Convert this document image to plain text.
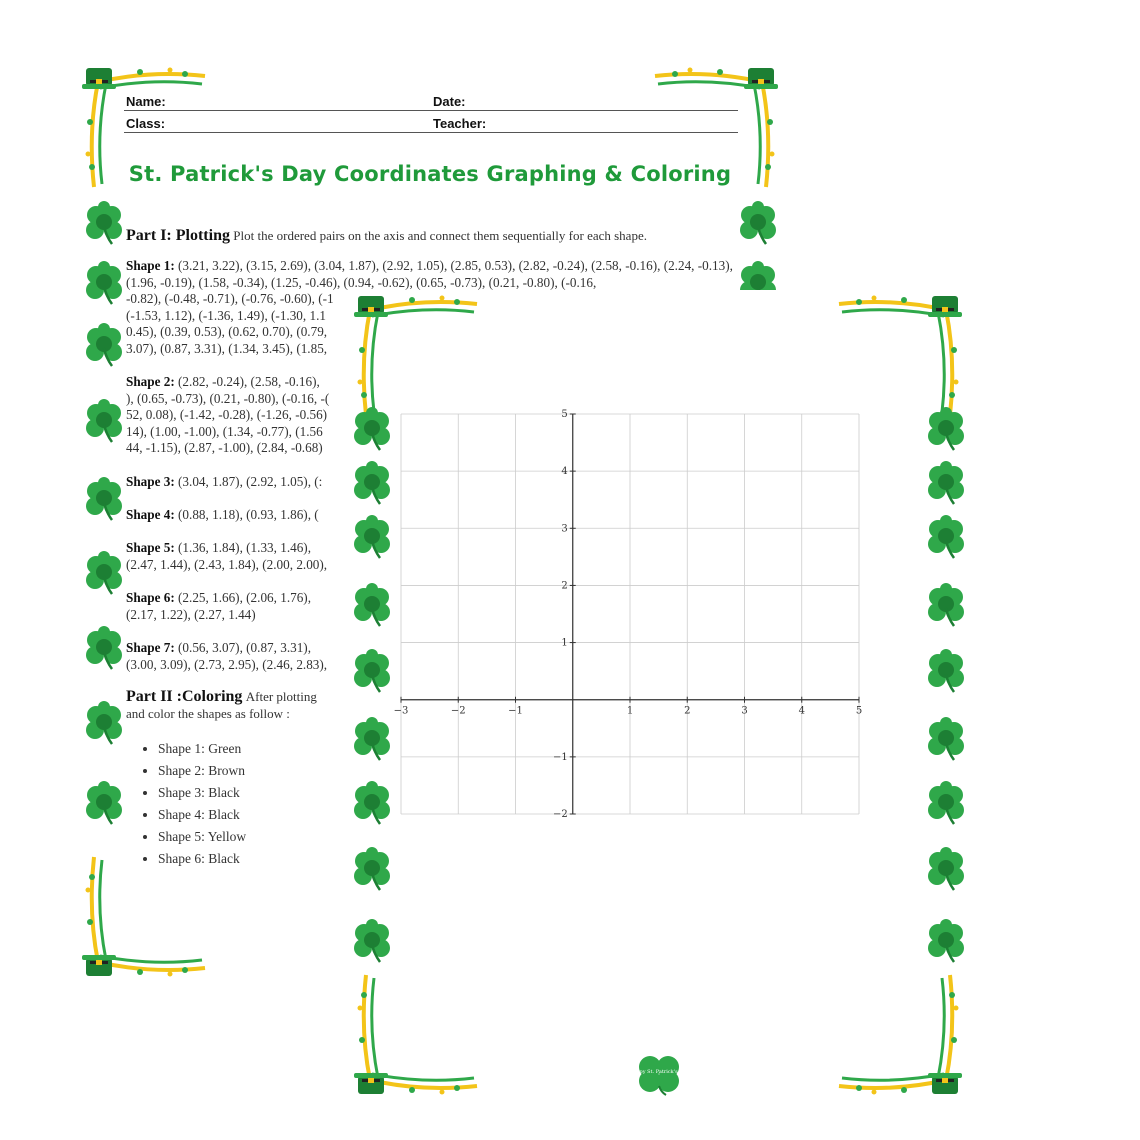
Name:	Date:
Class:	Teacher:
St. Patrick's Day Coordinates Graphing & Coloring
Part I: Plotting Plot the ordered pairs on the axis and connect them sequentially for each shape.
Shape 1: (3.21, 3.22), (3.15, 2.69), (3.04, 1.87), (2.92, 1.05), (2.85, 0.53), (2.82, -0.24), (2.58, -0.16), (2.24, -0.13), (1.96, -0.19), (1.58, -0.34), (1.25, -0.46), (0.94, -0.62), (0.65, -0.73), (0.21, -0.80), (-0.16,
-0.82), (-0.48, -0.71), (-0.76, -0.60), (-1
(-1.53, 1.12), (-1.36, 1.49), (-1.30, 1.1
0.45), (0.39, 0.53), (0.62, 0.70), (0.79,
3.07), (0.87, 3.31), (1.34, 3.45), (1.85,
Shape 2: (2.82, -0.24), (2.58, -0.16),
), (0.65, -0.73), (0.21, -0.80), (-0.16, -(
52, 0.08), (-1.42, -0.28), (-1.26, -0.56)
14), (1.00, -1.00), (1.34, -0.77), (1.56
44, -1.15), (2.87, -1.00), (2.84, -0.68)
Shape 3: (3.04, 1.87), (2.92, 1.05), (:
Shape 4: (0.88, 1.18), (0.93, 1.86), (
Shape 5: (1.36, 1.84), (1.33, 1.46),
(2.47, 1.44), (2.43, 1.84), (2.00, 2.00),
Shape 6: (2.25, 1.66), (2.06, 1.76),
(2.17, 1.22), (2.27, 1.44)
Shape 7: (0.56, 3.07), (0.87, 3.31),
(3.00, 3.09), (2.73, 2.95), (2.46, 2.83),
Part II :Coloring After plotting
and color the shapes as follow :
• Shape 1: Green
• Shape 2: Brown
• Shape 3: Black
• Shape 4: Black
• Shape 5: Yellow
• Shape 6: Black
−3	−2	−1	1	2	3	4	5
5
4
3
2
1
−1
−2
Happy St. Patrick's Day
